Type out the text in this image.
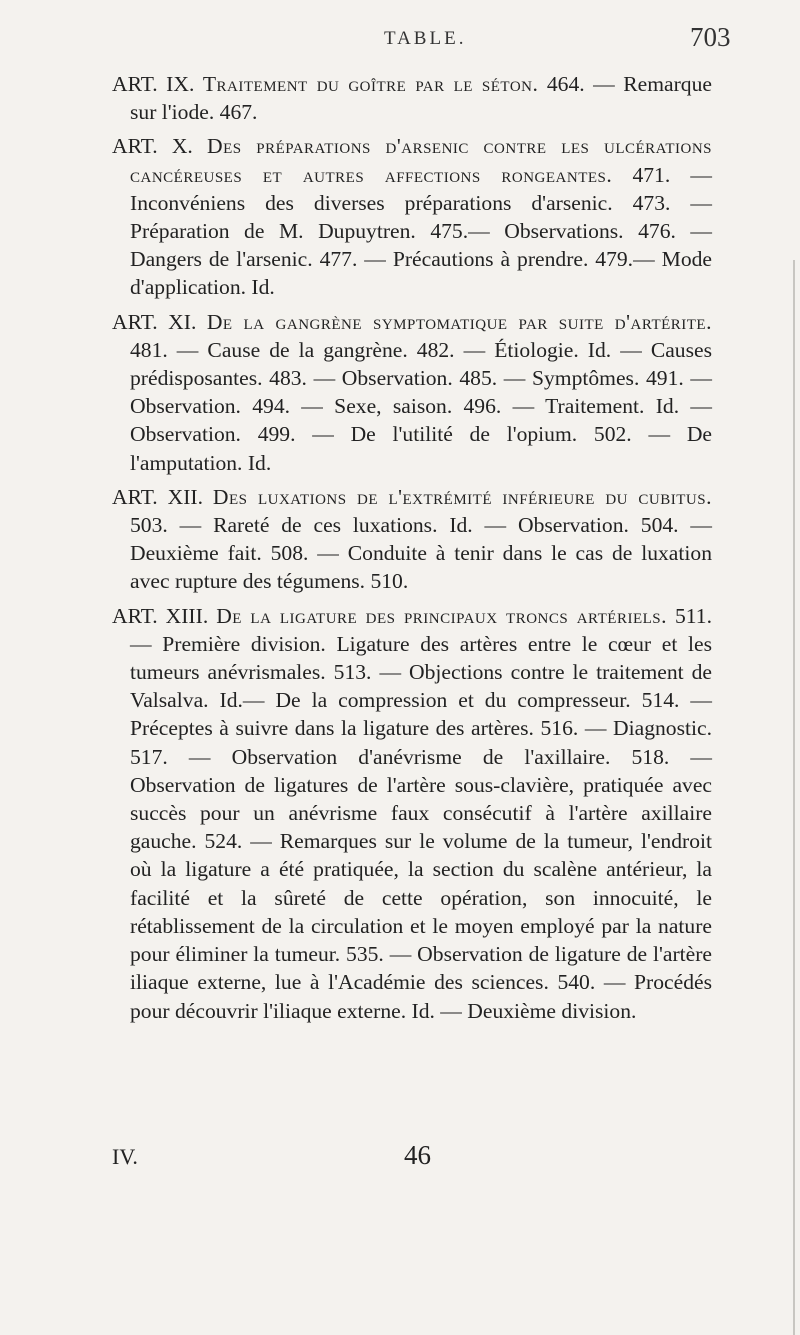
TABLE.	703

ART. IX. Traitement du goître par le séton. 464. — Remarque sur l'iode. 467.

ART. X. Des préparations d'arsenic contre les ulcérations cancéreuses et autres affections rongeantes. 471. — Inconvéniens des diverses préparations d'arsenic. 473. — Préparation de M. Dupuytren. 475.— Observations. 476. — Dangers de l'arsenic. 477. — Précautions à prendre. 479.— Mode d'application. Id.

ART. XI. De la gangrène symptomatique par suite d'artérite. 481. — Cause de la gangrène. 482. — Étiologie. Id. — Causes prédisposantes. 483. — Observation. 485. — Symptômes. 491. — Observation. 494. — Sexe, saison. 496. — Traitement. Id. — Observation. 499. — De l'utilité de l'opium. 502. — De l'amputation. Id.

ART. XII. Des luxations de l'extrémité inférieure du cubitus. 503. — Rareté de ces luxations. Id. — Observation. 504. — Deuxième fait. 508. — Conduite à tenir dans le cas de luxation avec rupture des tégumens. 510.

ART. XIII. De la ligature des principaux troncs artériels. 511. — Première division. Ligature des artères entre le cœur et les tumeurs anévrismales. 513. — Objections contre le traitement de Valsalva. Id.— De la compression et du compresseur. 514. — Préceptes à suivre dans la ligature des artères. 516. — Diagnostic. 517. — Observation d'anévrisme de l'axillaire. 518. — Observation de ligatures de l'artère sous-clavière, pratiquée avec succès pour un anévrisme faux consécutif à l'artère axillaire gauche. 524. — Remarques sur le volume de la tumeur, l'endroit où la ligature a été pratiquée, la section du scalène antérieur, la facilité et la sûreté de cette opération, son innocuité, le rétablissement de la circulation et le moyen employé par la nature pour éliminer la tumeur. 535. — Observation de ligature de l'artère iliaque externe, lue à l'Académie des sciences. 540. — Procédés pour découvrir l'iliaque externe. Id. — Deuxième division.

IV.	46
